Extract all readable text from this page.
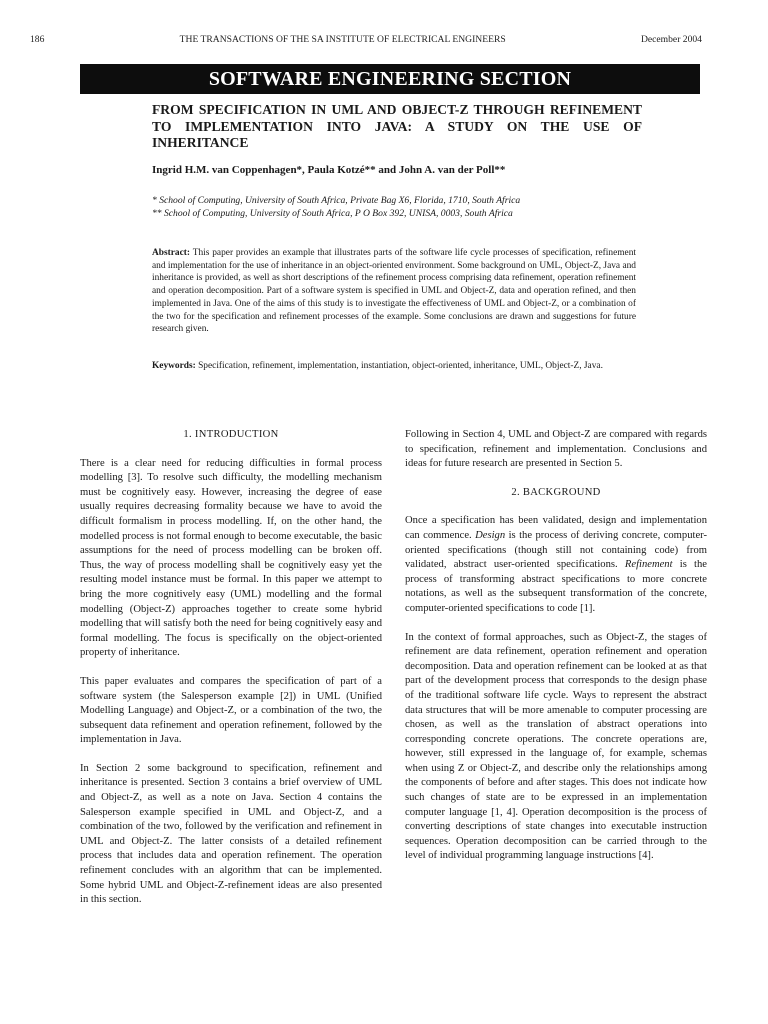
186	THE TRANSACTIONS OF THE SA INSTITUTE OF ELECTRICAL ENGINEERS	December 2004
SOFTWARE ENGINEERING SECTION
FROM SPECIFICATION IN UML AND OBJECT-Z THROUGH REFINEMENT TO IMPLEMENTATION INTO JAVA: A STUDY ON THE USE OF INHERITANCE
Ingrid H.M. van Coppenhagen*, Paula Kotzé** and John A. van der Poll**
* School of Computing, University of South Africa, Private Bag X6, Florida, 1710, South Africa
** School of Computing, University of South Africa, P O Box 392, UNISA, 0003, South Africa

Abstract: This paper provides an example that illustrates parts of the software life cycle processes of specification, refinement and implementation for the use of inheritance in an object-oriented environment. Some background on UML, Object-Z, Java and inheritance is provided, as well as short descriptions of the refinement process comprising data refinement, operation refinement and operation decomposition. Part of a software system is specified in UML and Object-Z, data and operation refined, and then implemented in Java. One of the aims of this study is to investigate the effectiveness of UML and Object-Z, or a combination of the two for the specification and refinement processes of the example. Some conclusions are drawn and suggestions for future research given.

Keywords: Specification, refinement, implementation, instantiation, object-oriented, inheritance, UML, Object-Z, Java.

1. INTRODUCTION

There is a clear need for reducing difficulties in formal process modelling [3]. To resolve such difficulty, the modelling mechanism must be cognitively easy. However, increasing the degree of ease usually requires decreasing formality because we have to avoid the difficult formalism in process modelling. If, on the other hand, the modelled process is not formal enough to become executable, the basic assumptions for the need of process modelling can be broken off. Thus, the way of process modelling shall be cognitively easy yet the resulting model instance must be formal. In this paper we attempt to bring the more cognitively easy (UML) modelling and the formal modelling (Object-Z) approaches together to create some hybrid modelling that will satisfy both the need for being cognitively easy and formal modelling. The focus is specifically on the object-oriented property of inheritance.

This paper evaluates and compares the specification of part of a software system (the Salesperson example [2]) in UML (Unified Modelling Language) and Object-Z, or a combination of the two, the subsequent data refinement and operation refinement, followed by the implementation in Java.

In Section 2 some background to specification, refinement and inheritance is presented. Section 3 contains a brief overview of UML and Object-Z, as well as a note on Java. Section 4 contains the Salesperson example specified in UML and Object-Z, and a combination of the two, followed by the verification and refinement in UML and Object-Z. The latter consists of a detailed refinement process that includes data and operation refinement. The operation refinement concludes with an algorithm that can be implemented. Some hybrid UML and Object-Z-refinement ideas are also presented in this section.

Following in Section 4, UML and Object-Z are compared with regards to specification, refinement and implementation. Conclusions and ideas for future research are presented in Section 5.

2. BACKGROUND

Once a specification has been validated, design and implementation can commence. Design is the process of deriving concrete, computer-oriented specifications (though still not containing code) from validated, abstract user-oriented specifications. Refinement is the process of transforming abstract specifications to more concrete notations, as well as the subsequent transformation of the concrete, computer-oriented specifications to code [1].

In the context of formal approaches, such as Object-Z, the stages of refinement are data refinement, operation refinement and operation decomposition. Data and operation refinement can be looked at as that part of the development process that corresponds to the design phase of the traditional software life cycle. Ways to represent the abstract data structures that will be more amenable to computer processing are chosen, as well as the translation of abstract operations into corresponding concrete operations. The concrete operations are, however, still expressed in the language of, for example, schemas when using Z or Object-Z, and describe only the relationships among the components of before and after stages. This does not indicate how such changes of state are to be expressed in an implementation computer language [1, 4]. Operation decomposition is the process of converting descriptions of state changes into executable instruction sequences. Operation decomposition can be carried through to the level of individual programming language instructions [4].
